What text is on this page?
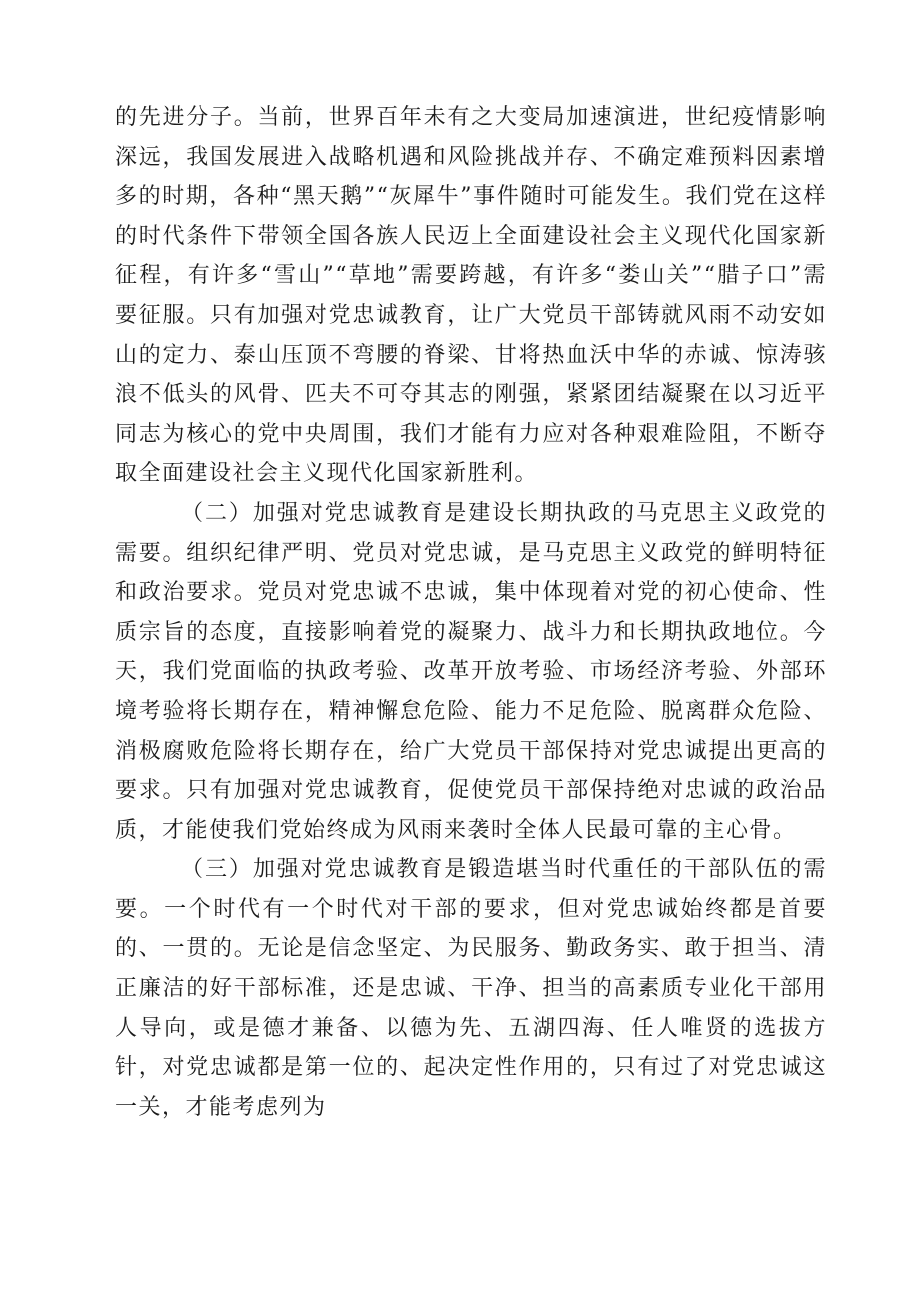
的先进分子。当前，世界百年未有之大变局加速演进，世纪疫情影响深远，我国发展进入战略机遇和风险挑战并存、不确定难预料因素增多的时期，各种“黑天鹅”“灰犀牛”事件随时可能发生。我们党在这样的时代条件下带领全国各族人民迈上全面建设社会主义现代化国家新征程，有许多“雪山”“草地”需要跨越，有许多“娄山关”“腊子口”需要征服。只有加强对党忠诚教育，让广大党员干部铸就风雨不动安如山的定力、泰山压顶不弯腰的脊梁、甘将热血沃中华的赤诚、惊涛骇浪不低头的风骨、匹夫不可夺其志的刚强，紧紧团结凝聚在以习近平同志为核心的党中央周围，我们才能有力应对各种艰难险阻，不断夺取全面建设社会主义现代化国家新胜利。

（二）加强对党忠诚教育是建设长期执政的马克思主义政党的需要。组织纪律严明、党员对党忠诚，是马克思主义政党的鲜明特征和政治要求。党员对党忠诚不忠诚，集中体现着对党的初心使命、性质宗旨的态度，直接影响着党的凝聚力、战斗力和长期执政地位。今天，我们党面临的执政考验、改革开放考验、市场经济考验、外部环境考验将长期存在，精神懈怠危险、能力不足危险、脱离群众危险、消极腐败危险将长期存在，给广大党员干部保持对党忠诚提出更高的要求。只有加强对党忠诚教育，促使党员干部保持绝对忠诚的政治品质，才能使我们党始终成为风雨来袭时全体人民最可靠的主心骨。

（三）加强对党忠诚教育是锻造堪当时代重任的干部队伍的需要。一个时代有一个时代对干部的要求，但对党忠诚始终都是首要的、一贯的。无论是信念坚定、为民服务、勤政务实、敢于担当、清正廉洁的好干部标准，还是忠诚、干净、担当的高素质专业化干部用人导向，或是德才兼备、以德为先、五湖四海、任人唯贤的选拔方针，对党忠诚都是第一位的、起决定性作用的，只有过了对党忠诚这一关，才能考虑列为
